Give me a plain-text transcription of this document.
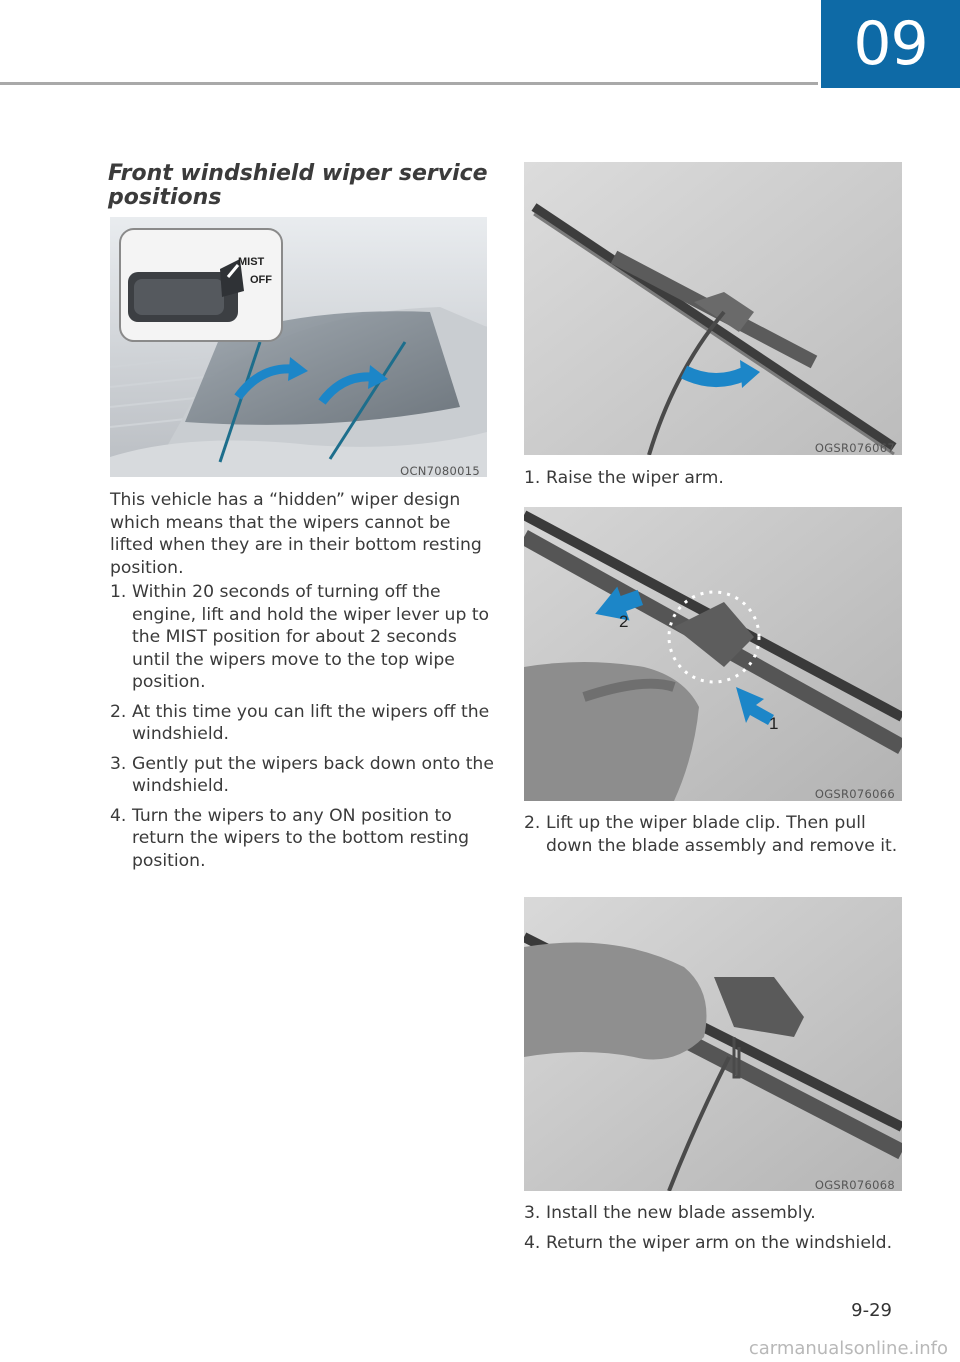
09
Front windshield wiper service positions
MIST
OFF
OCN7080015

This vehicle has a “hidden” wiper design which means that the wipers cannot be lifted when they are in their bottom resting position.

1. Within 20 seconds of turning off the engine, lift and hold the wiper lever up to the MIST position for about 2 seconds until the wipers move to the top wipe position.
2. At this time you can lift the wipers off the windshield.
3. Gently put the wipers back down onto the windshield.
4. Turn the wipers to any ON position to return the wipers to the bottom resting position.
OGSR076067
1. Raise the wiper arm.
2
1
OGSR076066
2. Lift up the wiper blade clip. Then pull down the blade assembly and remove it.
OGSR076068
3. Install the new blade assembly.
4. Return the wiper arm on the windshield.
9-29
carmanualsonline.info
